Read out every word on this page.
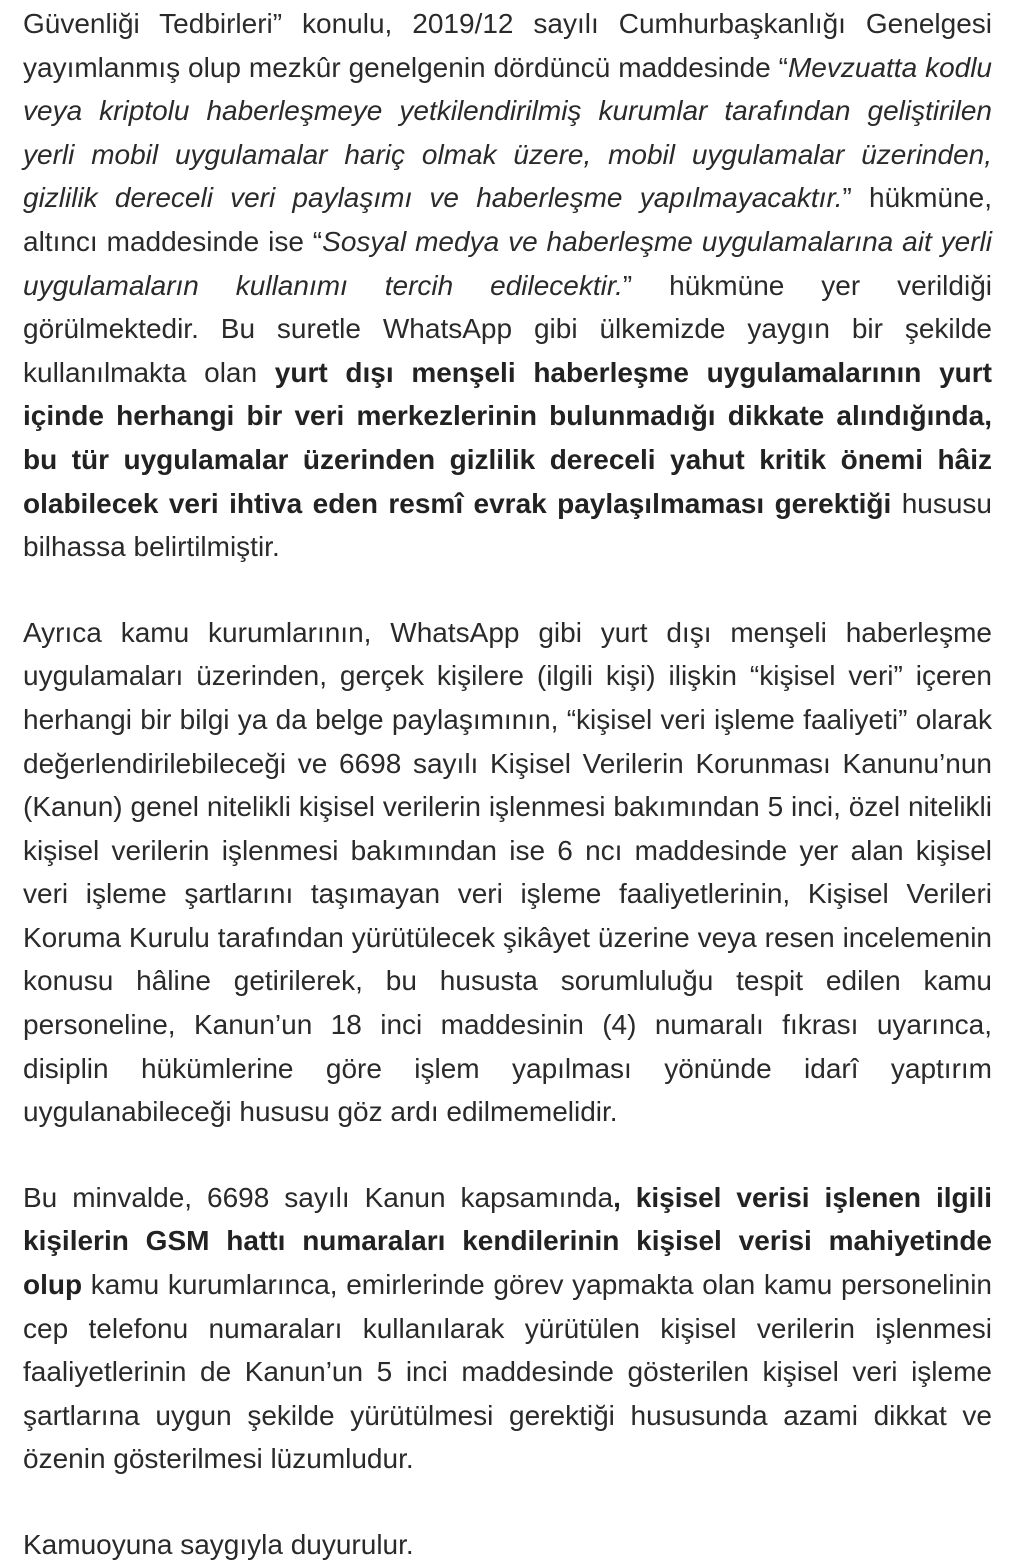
Güvenliği Tedbirleri” konulu, 2019/12 sayılı Cumhurbaşkanlığı Genelgesi yayımlanmış olup mezkûr genelgenin dördüncü maddesinde “Mevzuatta kodlu veya kriptolu haberleşmeye yetkilendirilmiş kurumlar tarafından geliştirilen yerli mobil uygulamalar hariç olmak üzere, mobil uygulamalar üzerinden, gizlilik dereceli veri paylaşımı ve haberleşme yapılmayacaktır.” hükmüne, altıncı maddesinde ise “Sosyal medya ve haberleşme uygulamalarına ait yerli uygulamaların kullanımı tercih edilecektir.” hükmüne yer verildiği görülmektedir. Bu suretle WhatsApp gibi ülkemizde yaygın bir şekilde kullanılmakta olan yurt dışı menşeli haberleşme uygulamalarının yurt içinde herhangi bir veri merkezlerinin bulunmadığı dikkate alındığında, bu tür uygulamalar üzerinden gizlilik dereceli yahut kritik önemi hâiz olabilecek veri ihtiva eden resmî evrak paylaşılmaması gerektiği hususu bilhassa belirtilmiştir.

Ayrıca kamu kurumlarının, WhatsApp gibi yurt dışı menşeli haberleşme uygulamaları üzerinden, gerçek kişilere (ilgili kişi) ilişkin “kişisel veri” içeren herhangi bir bilgi ya da belge paylaşımının, “kişisel veri işleme faaliyeti” olarak değerlendirilebileceği ve 6698 sayılı Kişisel Verilerin Korunması Kanunu’nun (Kanun) genel nitelikli kişisel verilerin işlenmesi bakımından 5 inci, özel nitelikli kişisel verilerin işlenmesi bakımından ise 6 ncı maddesinde yer alan kişisel veri işleme şartlarını taşımayan veri işleme faaliyetlerinin, Kişisel Verileri Koruma Kurulu tarafından yürütülecek şikâyet üzerine veya resen incelemenin konusu hâline getirilerek, bu hususta sorumluluğu tespit edilen kamu personeline, Kanun’un 18 inci maddesinin (4) numaralı fıkrası uyarınca, disiplin hükümlerine göre işlem yapılması yönünde idarî yaptırım uygulanabileceği hususu göz ardı edilmemelidir.

Bu minvalde, 6698 sayılı Kanun kapsamında, kişisel verisi işlenen ilgili kişilerin GSM hattı numaraları kendilerinin kişisel verisi mahiyetinde olup kamu kurumlarınca, emirlerinde görev yapmakta olan kamu personelinin cep telefonu numaraları kullanılarak yürütülen kişisel verilerin işlenmesi faaliyetlerinin de Kanun’un 5 inci maddesinde gösterilen kişisel veri işleme şartlarına uygun şekilde yürütülmesi gerektiği hususunda azami dikkat ve özenin gösterilmesi lüzumludur.

Kamuoyuna saygıyla duyurulur.
